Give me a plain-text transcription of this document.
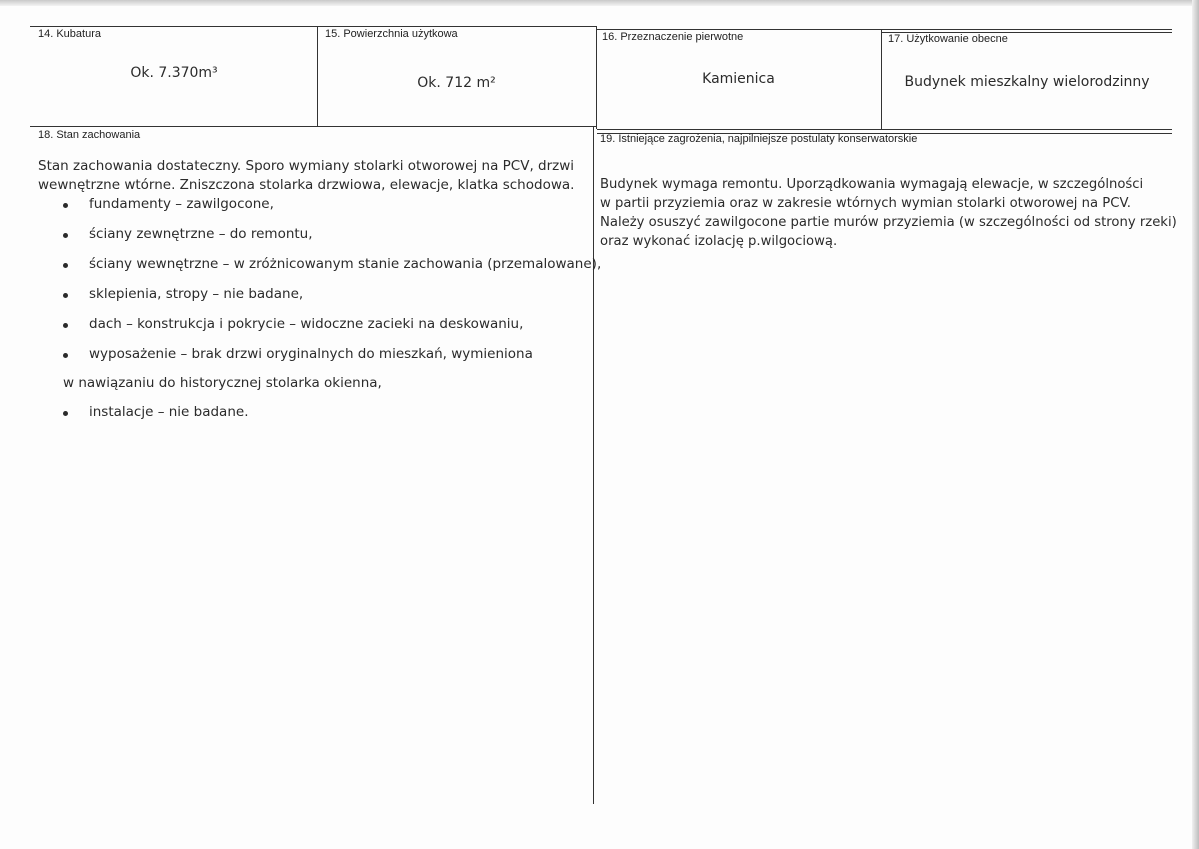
14. Kubatura
Ok. 7.370m³
15. Powierzchnia użytkowa
Ok. 712 m²
16. Przeznaczenie pierwotne
Kamienica
17. Użytkowanie obecne
Budynek mieszkalny wielorodzinny
18. Stan zachowania
Stan zachowania dostateczny. Sporo wymiany stolarki otworowej na PCV, drzwi
wewnętrzne wtórne. Zniszczona stolarka drzwiowa, elewacje, klatka schodowa.
fundamenty – zawilgocone,
ściany zewnętrzne – do remontu,
ściany wewnętrzne – w zróżnicowanym stanie zachowania (przemalowane),
sklepienia, stropy – nie badane,
dach – konstrukcja i pokrycie – widoczne zacieki na deskowaniu,
wyposażenie – brak drzwi oryginalnych do mieszkań, wymieniona
w nawiązaniu do historycznej stolarka okienna,
instalacje – nie badane.
19. Istniejące zagrożenia, najpilniejsze postulaty konserwatorskie
Budynek wymaga remontu. Uporządkowania wymagają elewacje, w szczególności
w partii przyziemia oraz w zakresie wtórnych wymian stolarki otworowej na PCV.
Należy osuszyć zawilgocone partie murów przyziemia (w szczególności od strony rzeki)
oraz wykonać izolację p.wilgociową.
